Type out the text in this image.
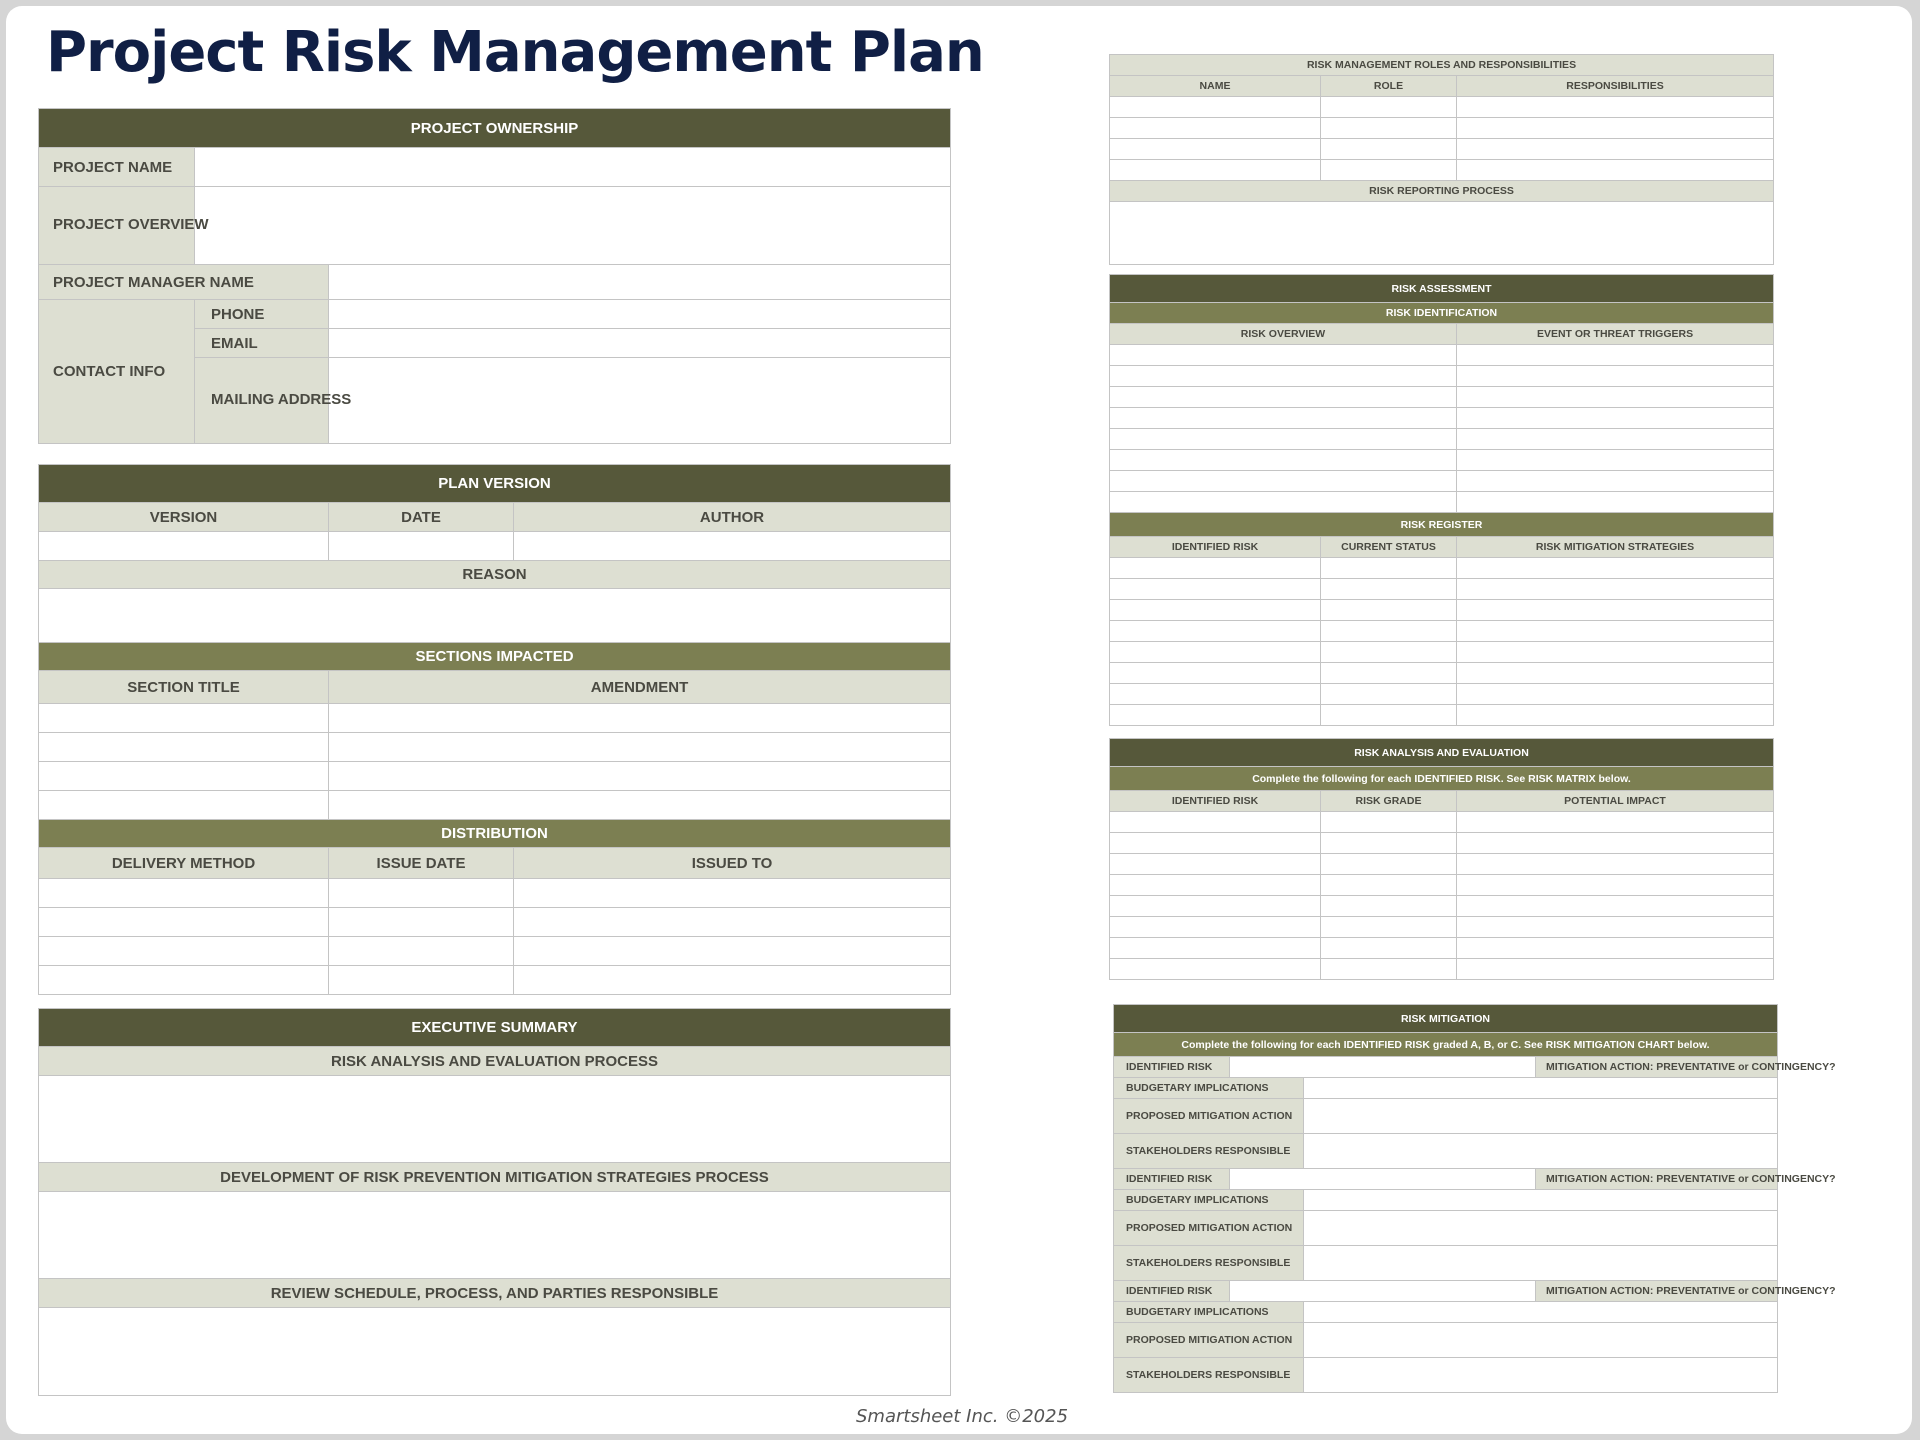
Project Risk Management Plan
PROJECT OWNERSHIP		
PROJECT NAME		
PROJECT OVERVIEW		
PROJECT MANAGER NAME		
CONTACT INFO	PHONE	
	EMAIL	
	MAILING ADDRESS	
PLAN VERSION		
VERSION	DATE	AUTHOR

REASON		

SECTIONS IMPACTED		
SECTION TITLE	AMENDMENT	

DISTRIBUTION		
DELIVERY METHOD	ISSUE DATE	ISSUED TO

EXECUTIVE SUMMARY
RISK ANALYSIS AND EVALUATION PROCESS

DEVELOPMENT OF RISK PREVENTION MITIGATION STRATEGIES PROCESS

REVIEW SCHEDULE, PROCESS, AND PARTIES RESPONSIBLE

RISK MANAGEMENT ROLES AND RESPONSIBILITIES		
NAME	ROLE	RESPONSIBILITIES

RISK REPORTING PROCESS		

RISK ASSESSMENT		
RISK IDENTIFICATION		
RISK OVERVIEW		EVENT OR THREAT TRIGGERS

RISK REGISTER		
IDENTIFIED RISK	CURRENT STATUS	RISK MITIGATION STRATEGIES

RISK ANALYSIS AND EVALUATION		
Complete the following for each IDENTIFIED RISK. See RISK MATRIX below.		
IDENTIFIED RISK	RISK GRADE	POTENTIAL IMPACT

RISK MITIGATION			
Complete the following for each IDENTIFIED RISK graded A, B, or C. See RISK MITIGATION CHART below.			
IDENTIFIED RISK			MITIGATION ACTION: PREVENTATIVE or CONTINGENCY?
BUDGETARY IMPLICATIONS			
PROPOSED MITIGATION ACTION			
STAKEHOLDERS RESPONSIBLE			
IDENTIFIED RISK			MITIGATION ACTION: PREVENTATIVE or CONTINGENCY?
BUDGETARY IMPLICATIONS			
PROPOSED MITIGATION ACTION			
STAKEHOLDERS RESPONSIBLE			
IDENTIFIED RISK			MITIGATION ACTION: PREVENTATIVE or CONTINGENCY?
BUDGETARY IMPLICATIONS			
PROPOSED MITIGATION ACTION			
STAKEHOLDERS RESPONSIBLE			
Smartsheet Inc. ©2025
